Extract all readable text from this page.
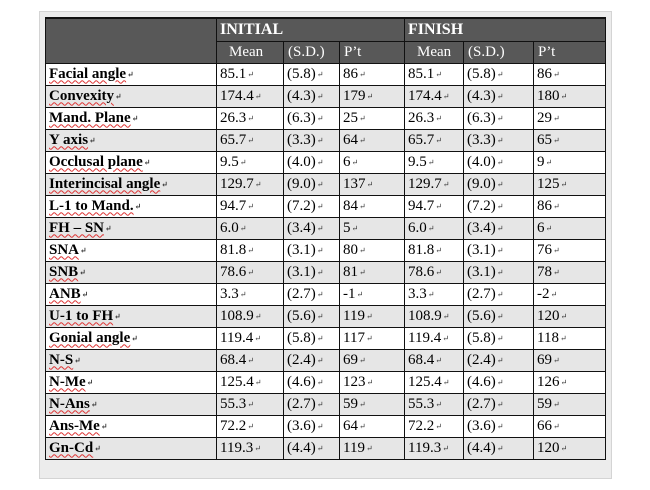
	INITIAL			FINISH		
	Mean	(S.D.)	P’t	Mean	(S.D.)	P’t
Facial angle↵	85.1↵	(5.8)↵	86↵	85.1↵	(5.8)↵	86↵
Convexity↵	174.4↵	(4.3)↵	179↵	174.4↵	(4.3)↵	180↵
Mand. Plane↵	26.3↵	(6.3)↵	25↵	26.3↵	(6.3)↵	29↵
Y axis↵	65.7↵	(3.3)↵	64↵	65.7↵	(3.3)↵	65↵
Occlusal plane↵	9.5↵	(4.0)↵	6↵	9.5↵	(4.0)↵	9↵
Interincisal angle↵	129.7↵	(9.0)↵	137↵	129.7↵	(9.0)↵	125↵
L-1 to Mand.↵	94.7↵	(7.2)↵	84↵	94.7↵	(7.2)↵	86↵
FH – SN↵	6.0↵	(3.4)↵	5↵	6.0↵	(3.4)↵	6↵
SNA↵	81.8↵	(3.1)↵	80↵	81.8↵	(3.1)↵	76↵
SNB↵	78.6↵	(3.1)↵	81↵	78.6↵	(3.1)↵	78↵
ANB↵	3.3↵	(2.7)↵	-1↵	3.3↵	(2.7)↵	-2↵
U-1 to FH↵	108.9↵	(5.6)↵	119↵	108.9↵	(5.6)↵	120↵
Gonial angle↵	119.4↵	(5.8)↵	117↵	119.4↵	(5.8)↵	118↵
N-S↵	68.4↵	(2.4)↵	69↵	68.4↵	(2.4)↵	69↵
N-Me↵	125.4↵	(4.6)↵	123↵	125.4↵	(4.6)↵	126↵
N-Ans↵	55.3↵	(2.7)↵	59↵	55.3↵	(2.7)↵	59↵
Ans-Me↵	72.2↵	(3.6)↵	64↵	72.2↵	(3.6)↵	66↵
Gn-Cd↵	119.3↵	(4.4)↵	119↵	119.3↵	(4.4)↵	120↵
